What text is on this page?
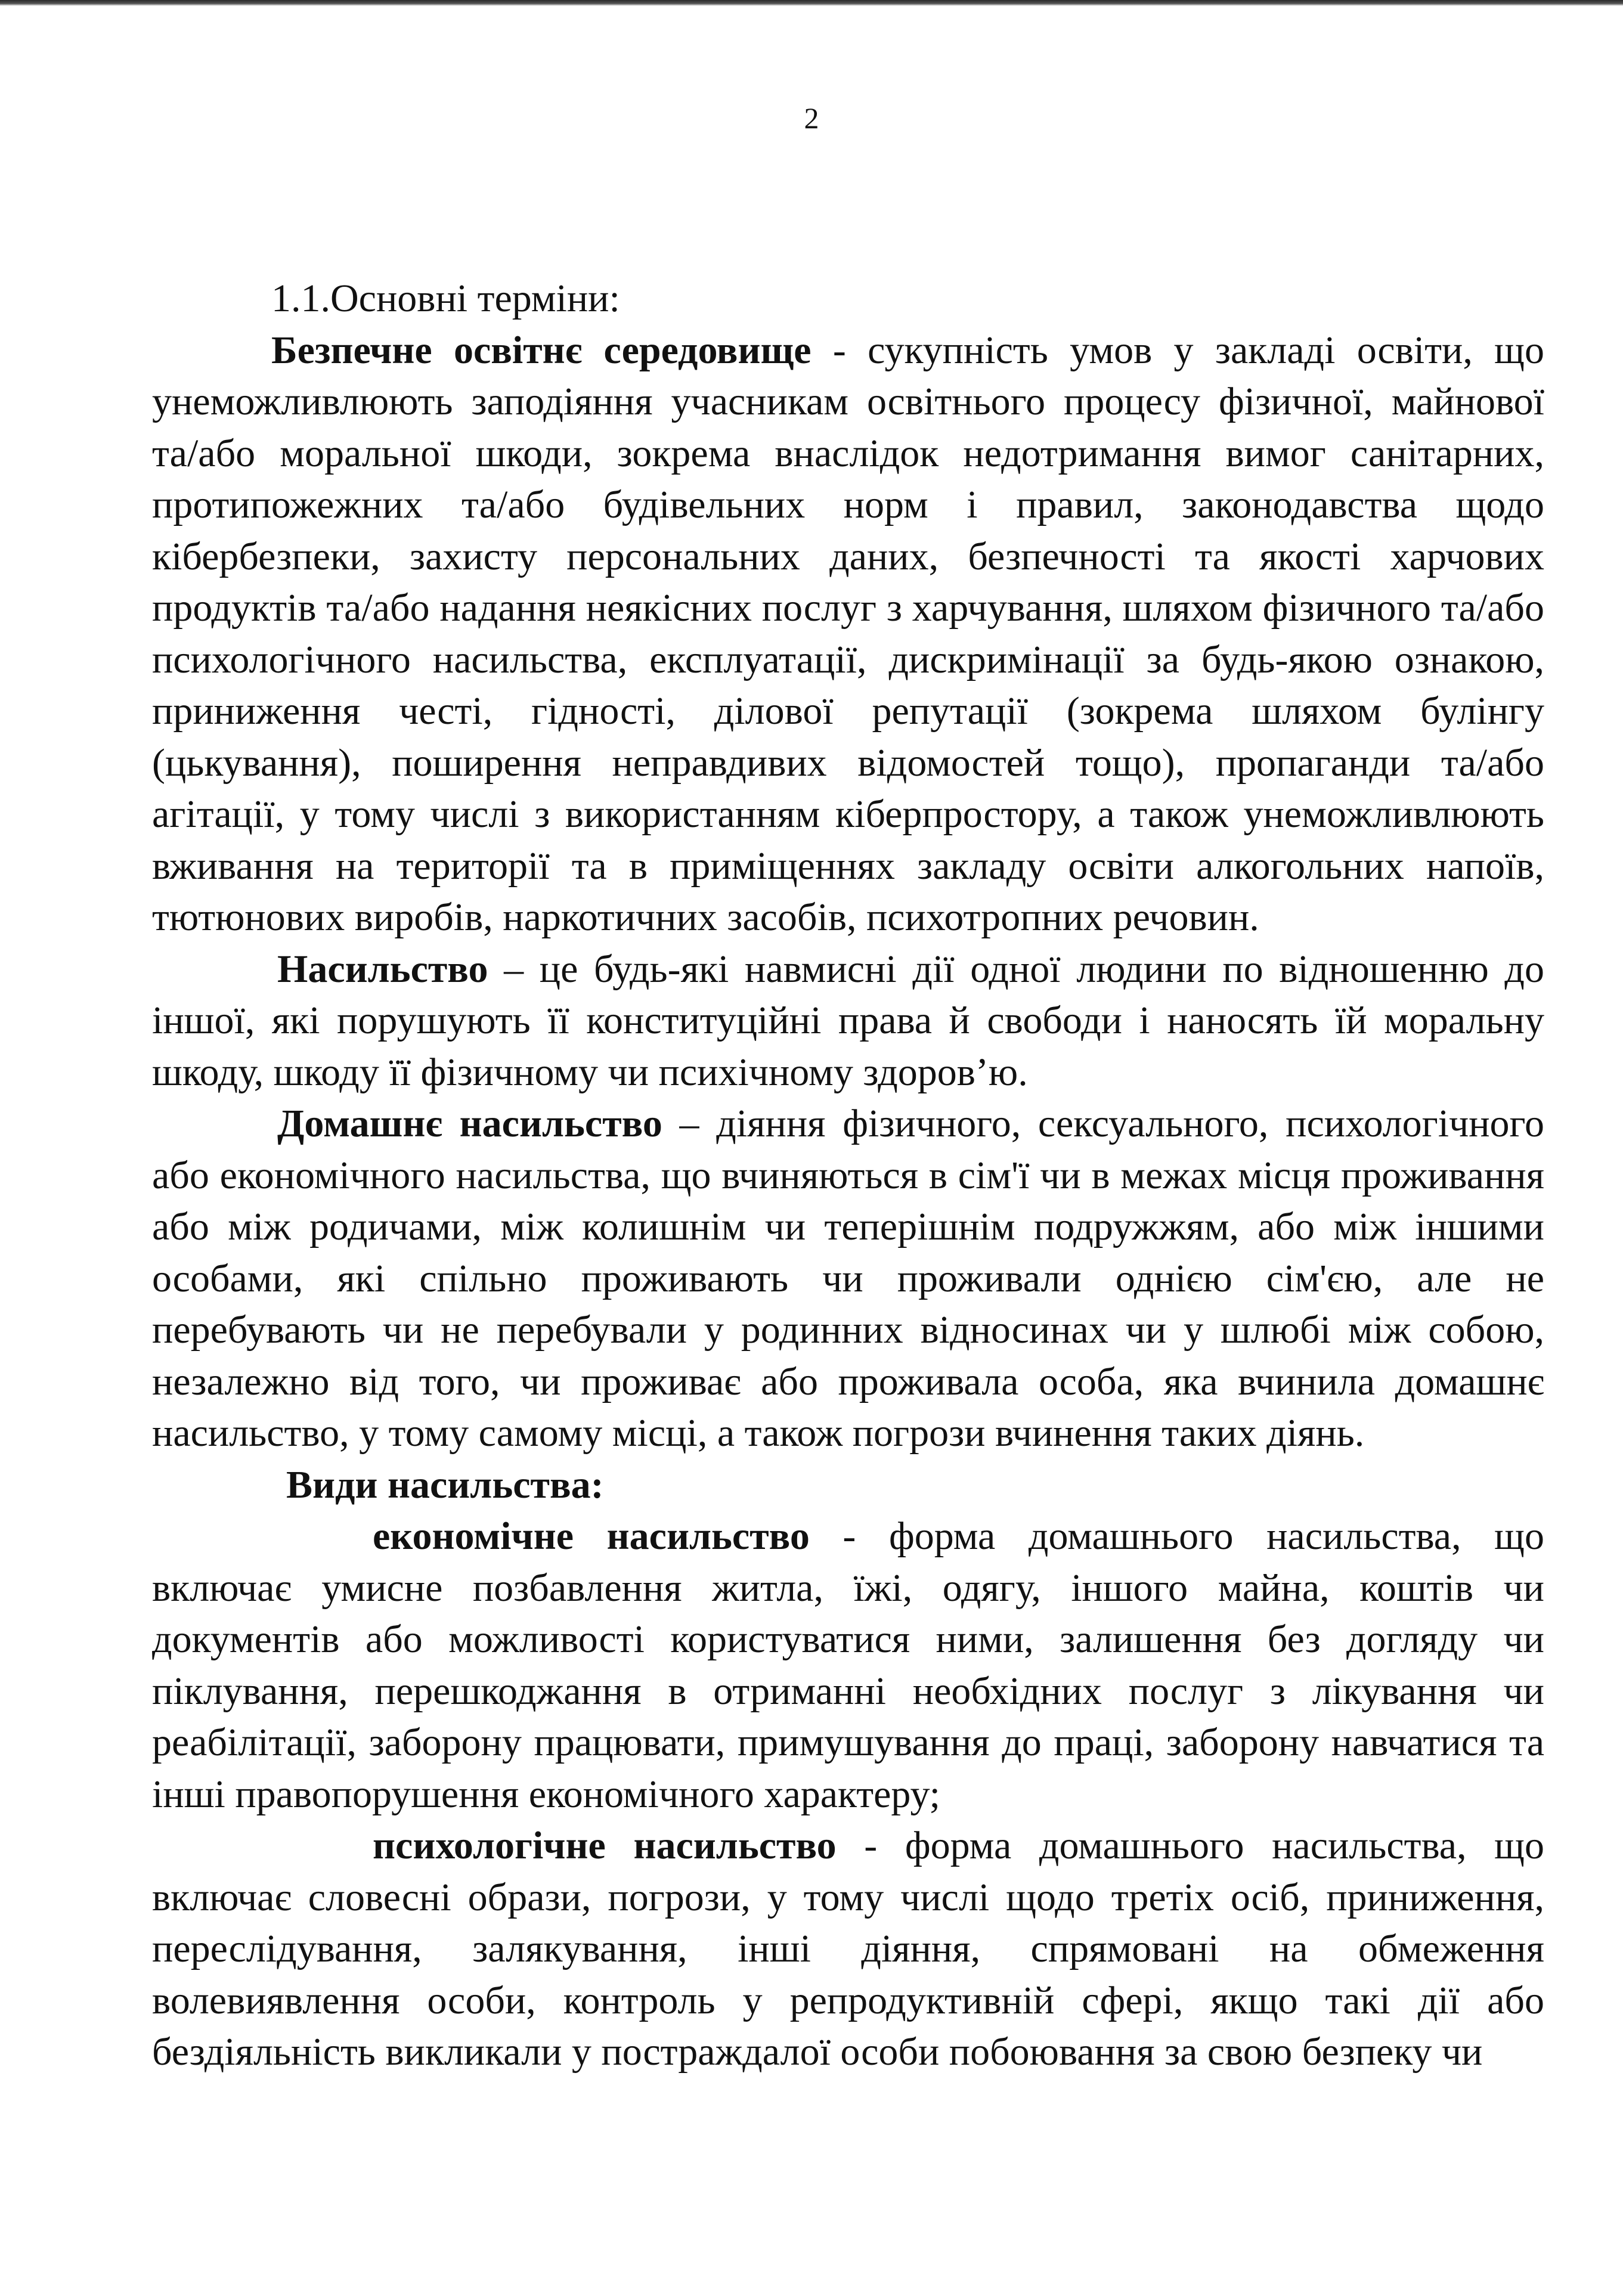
2

1.1.Основні терміни:

Безпечне освітнє середовище - сукупність умов у закладі освіти, що унеможливлюють заподіяння учасникам освітнього процесу фізичної, майнової та/або моральної шкоди, зокрема внаслідок недотримання вимог санітарних, протипожежних та/або будівельних норм і правил, законодавства щодо кібербезпеки, захисту персональних даних, безпечності та якості харчових продуктів та/або надання неякісних послуг з харчування, шляхом фізичного та/або психологічного насильства, експлуатації, дискримінації за будь-якою ознакою, приниження честі, гідності, ділової репутації (зокрема шляхом булінгу (цькування), поширення неправдивих відомостей тощо), пропаганди та/або агітації, у тому числі з використанням кіберпростору, а також унеможливлюють вживання на території та в приміщеннях закладу освіти алкогольних напоїв, тютюнових виробів, наркотичних засобів, психотропних речовин.

Насильство – це будь-які навмисні дії одної людини по відношенню до іншої, які порушують її конституційні права й свободи і наносять їй моральну шкоду, шкоду її фізичному чи психічному здоров’ю.

Домашнє насильство – діяння фізичного, сексуального, психологічного або економічного насильства, що вчиняються в сім'ї чи в межах місця проживання або між родичами, між колишнім чи теперішнім подружжям, або між іншими особами, які спільно проживають чи проживали однією сім'єю, але не перебувають чи не перебували у родинних відносинах чи у шлюбі між собою, незалежно від того, чи проживає або проживала особа, яка вчинила домашнє насильство, у тому самому місці, а також погрози вчинення таких діянь.

Види насильства:

економічне насильство - форма домашнього насильства, що включає умисне позбавлення житла, їжі, одягу, іншого майна, коштів чи документів або можливості користуватися ними, залишення без догляду чи піклування, перешкоджання в отриманні необхідних послуг з лікування чи реабілітації, заборону працювати, примушування до праці, заборону навчатися та інші правопорушення економічного характеру;

психологічне насильство - форма домашнього насильства, що включає словесні образи, погрози, у тому числі щодо третіх осіб, приниження, переслідування, залякування, інші діяння, спрямовані на обмеження волевиявлення особи, контроль у репродуктивній сфері, якщо такі дії або бездіяльність викликали у постраждалої особи побоювання за свою безпеку чи
